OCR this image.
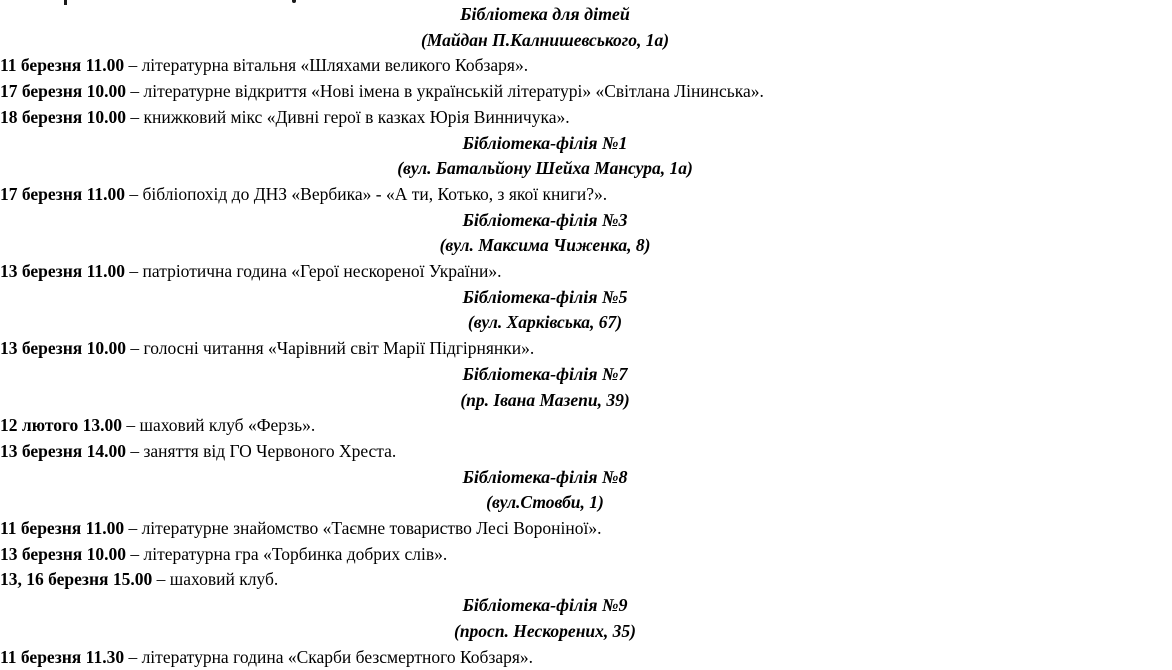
Бібліотека для дітей

(Майдан П.Калнишевського, 1а)

11 березня 11.00 – літературна вітальня «Шляхами великого Кобзаря».

17 березня 10.00 – літературне відкриття «Нові імена в українській літературі» «Світлана Лінинська».

18 березня 10.00 – книжковий мікс «Дивні герої в казках Юрія Винничука».

Бібліотека-філія №1

(вул. Батальйону Шейха Мансура, 1а)

17 березня 11.00 – бібліопохід до ДНЗ «Вербика» - «А ти, Котько, з якої книги?».

Бібліотека-філія №3

(вул. Максима Чиженка, 8)

13 березня 11.00 – патріотична година «Герої нескореної України».

Бібліотека-філія №5

(вул. Харківська, 67)

13 березня 10.00 – голосні читання «Чарівний світ Марії Підгірнянки».

Бібліотека-філія №7

(пр. Івана Мазепи, 39)

12 лютого 13.00 – шаховий клуб «Ферзь».

13 березня 14.00 – заняття від ГО Червоного Хреста.

Бібліотека-філія №8

(вул.Стовби, 1)

11 березня 11.00 – літературне знайомство «Таємне товариство Лесі Вороніної».

13 березня 10.00 – літературна гра «Торбинка добрих слів».

13, 16 березня 15.00 – шаховий клуб.

Бібліотека-філія №9

(просп. Нескорених, 35)

11 березня 11.30 – літературна година «Скарби безсмертного Кобзаря».
